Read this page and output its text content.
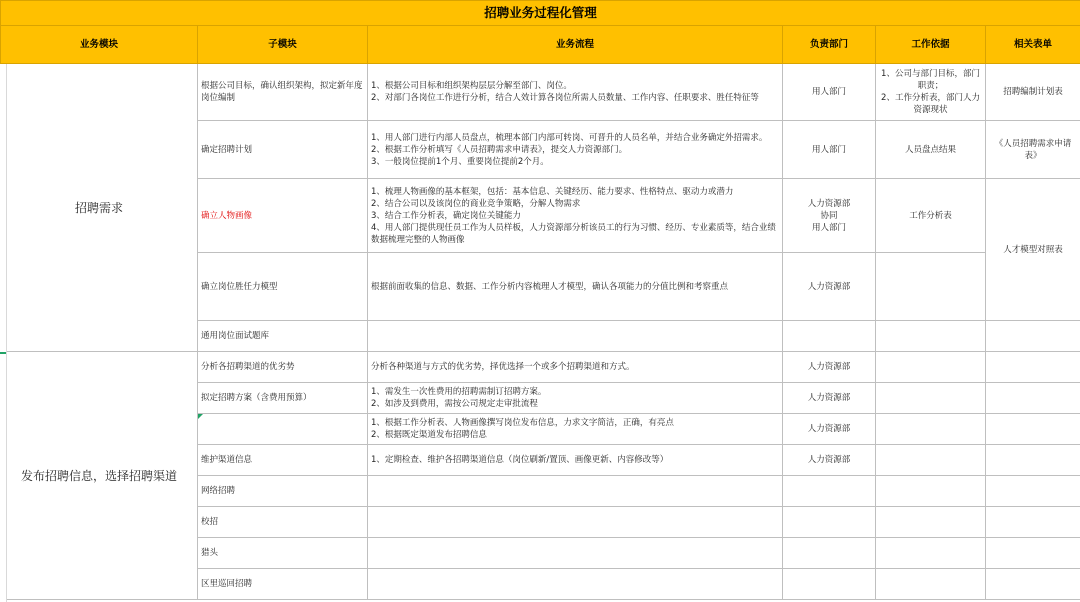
招聘业务过程化管理					
业务模块	子模块	业务流程	负责部门	工作依据	相关表单
招聘需求	根据公司目标，确认组织架构，拟定新年度岗位编制	1、根据公司目标和组织架构层层分解至部门、岗位。
2、对部门各岗位工作进行分析，结合人效计算各岗位所需人员数量、工作内容、任职要求、胜任特征等	用人部门	1、公司与部门目标，部门职责；
2、工作分析表，部门人力资源现状	招聘编制计划表
	确定招聘计划	1、用人部门进行内部人员盘点，梳理本部门内部可转岗、可晋升的人员名单，并结合业务确定外招需求。
2、根据工作分析填写《人员招聘需求申请表》，提交人力资源部门。
3、一般岗位提前1个月、重要岗位提前2个月。	用人部门	人员盘点结果	《人员招聘需求申请表》
	确立人物画像	1、梳理人物画像的基本框架，包括：基本信息、关键经历、能力要求、性格特点、驱动力或潜力
2、结合公司以及该岗位的商业竞争策略，分解人物需求
3、结合工作分析表，确定岗位关键能力
4、用人部门提供现任员工作为人员样板，人力资源部分析该员工的行为习惯、经历、专业素质等，结合业绩数据梳理完整的人物画像	人力资源部
协同
用人部门	工作分析表	人才模型对照表
	确立岗位胜任力模型	根据前面收集的信息、数据、工作分析内容梳理人才模型，确认各项能力的分值比例和考察重点	人力资源部		
	通用岗位面试题库				
发布招聘信息，选择招聘渠道	分析各招聘渠道的优劣势	分析各种渠道与方式的优劣势，择优选择一个或多个招聘渠道和方式。	人力资源部		
	拟定招聘方案（含费用预算）	1、需发生一次性费用的招聘需制订招聘方案。
2、如涉及到费用，需按公司规定走审批流程	人力资源部		
		1、根据工作分析表、人物画像撰写岗位发布信息，力求文字简洁，正确，有亮点
2、根据既定渠道发布招聘信息	人力资源部		
	维护渠道信息	1、定期检查、维护各招聘渠道信息（岗位刷新/置顶、画像更新、内容修改等）	人力资源部		
	网络招聘				
	校招				
	猎头				
	区里巡回招聘				
